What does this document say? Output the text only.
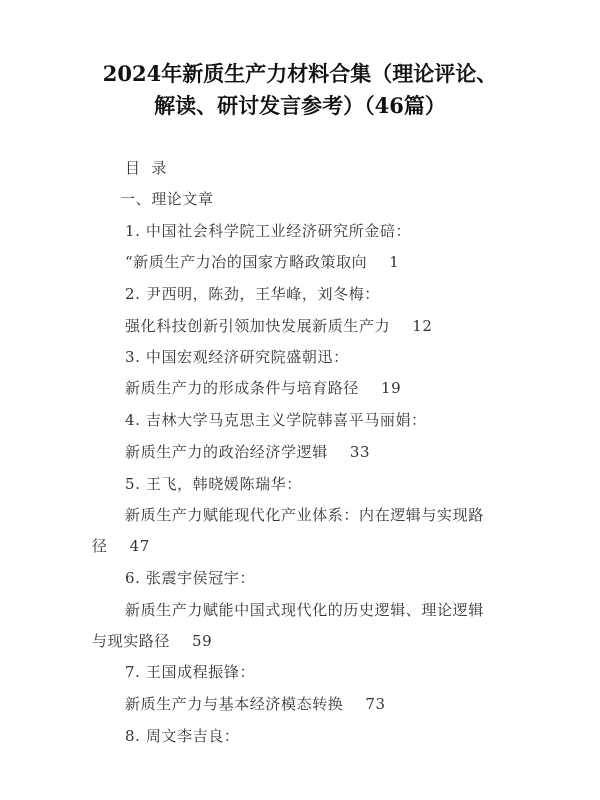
2024年新质生产力材料合集（理论评论、
解读、研讨发言参考）（46篇）
目  录
一、理论文章
1. 中国社会科学院工业经济研究所金碚：
“新质生产力冶的国家方略政策取向 1
2. 尹西明，陈劲，王华峰，刘冬梅：
强化科技创新引领加快发展新质生产力 12
3. 中国宏观经济研究院盛朝迅：
新质生产力的形成条件与培育路径 19
4. 吉林大学马克思主义学院韩喜平马丽娟：
新质生产力的政治经济学逻辑 33
5. 王飞，韩晓媛陈瑞华：
新质生产力赋能现代化产业体系：内在逻辑与实现路
径 47
6. 张震宇侯冠宇：
新质生产力赋能中国式现代化的历史逻辑、理论逻辑
与现实路径 59
7. 王国成程振锋：
新质生产力与基本经济模态转换 73
8. 周文李吉良：
